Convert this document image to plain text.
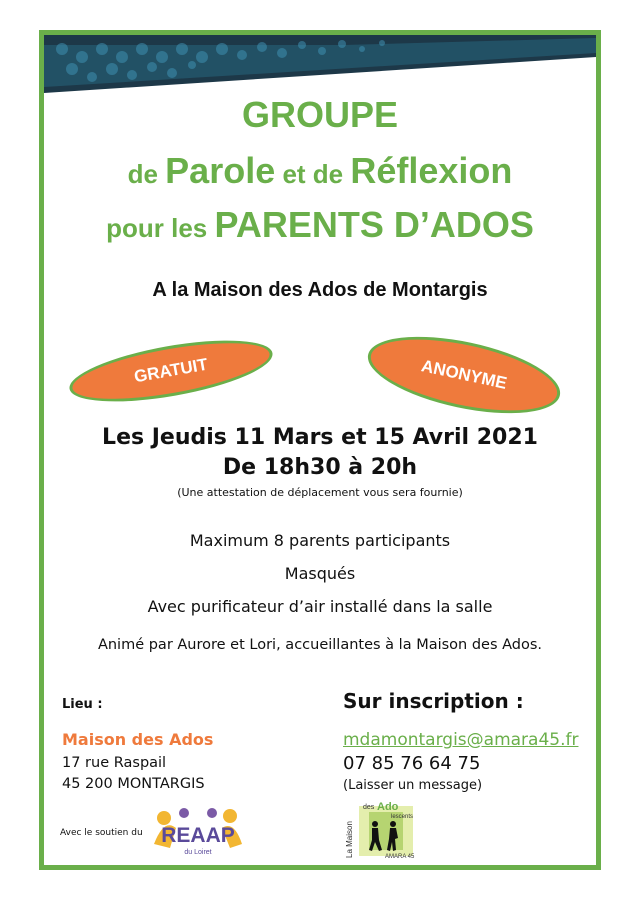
GROUPE
de Parole et de Réflexion
pour les PARENTS D’ADOS
A la Maison des Ados de Montargis
GRATUIT	ANONYME
Les Jeudis 11 Mars et 15 Avril 2021
De 18h30 à 20h
(Une attestation de déplacement vous sera fournie)
Maximum 8 parents participants
Masqués
Avec purificateur d’air installé dans la salle
Animé par Aurore et Lori, accueillantes à la Maison des Ados.
Lieu :
Maison des Ados
17 rue Raspail
45 200 MONTARGIS
Avec le soutien du REAAP
du Loiret
Sur inscription :
mdamontargis@amara45.fr
07 85 76 64 75
(Laisser un message)
La Maison
des Ado
lescents
AMARA 45
